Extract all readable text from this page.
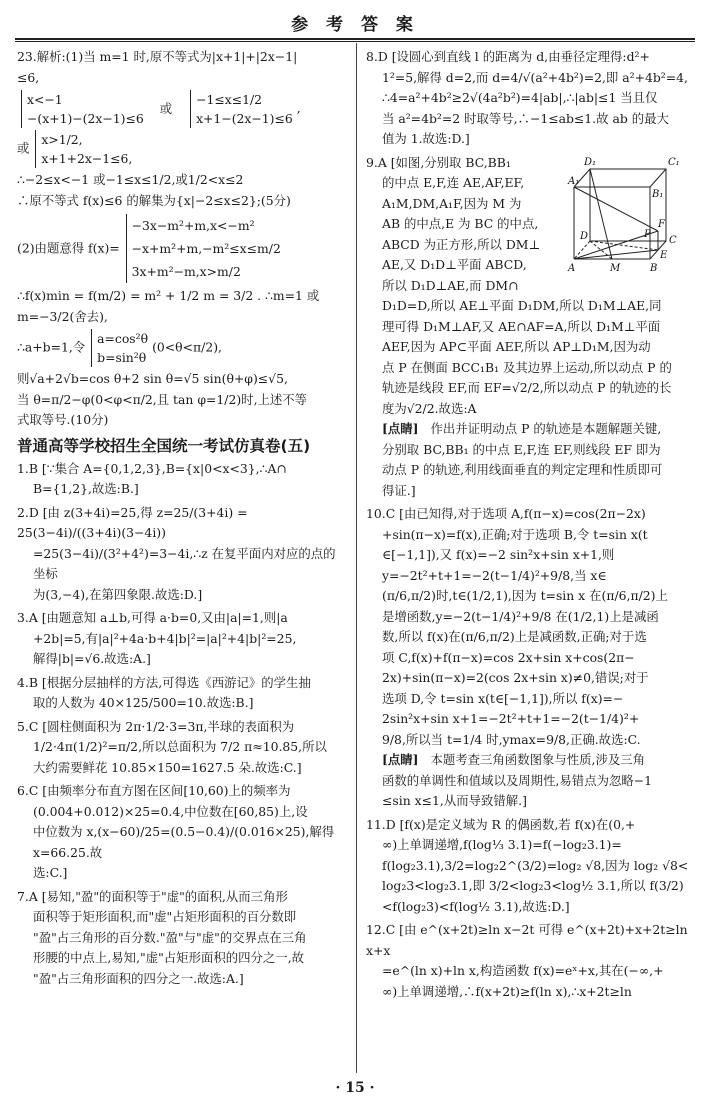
参 考 答 案

23.解析:(1)当 m=1 时,原不等式为|x+1|+|2x−1|

≤6,

x<−1
−(x+1)−(2x−1)≤6 或 −1≤x≤1/2
x+1−(2x−1)≤6 ,
或 x>1/2,
x+1+2x−1≤6,

∴−2≤x<−1 或−1≤x≤1/2,或1/2<x≤2

∴原不等式 f(x)≤6 的解集为{x|−2≤x≤2};(5分)

(2)由题意得 f(x)= −3x−m²+m,x<−m²
−x+m²+m,−m²≤x≤m/2
3x+m²−m,x>m/2

∴f(x)min = f(m/2) = m² + 1/2 m = 3/2 . ∴m=1 或

m=−3/2(舍去),

∴a+b=1,令 a=cos²θ
b=sin²θ (0<θ<π/2),

则√a+2√b=cos θ+2 sin θ=√5 sin(θ+φ)≤√5,

当 θ=π/2−φ(0<φ<π/2,且 tan φ=1/2)时,上述不等

式取等号.(10分)

普通高等学校招生全国统一考试仿真卷(五)

1.B [∵集合 A={0,1,2,3},B={x|0<x<3},∴A∩

B={1,2},故选:B.]

2.D [由 z(3+4i)=25,得 z=25/(3+4i) = 25(3−4i)/((3+4i)(3−4i))

=25(3−4i)/(3²+4²)=3−4i,∴z 在复平面内对应的点的坐标

为(3,−4),在第四象限.故选:D.]

3.A [由题意知 a⊥b,可得 a·b=0,又由|a|=1,则|a

+2b|=5,有|a|²+4a·b+4|b|²=|a|²+4|b|²=25,

解得|b|=√6.故选:A.]

4.B [根据分层抽样的方法,可得选《西游记》的学生抽

取的人数为 40×125/500=10.故选:B.]

5.C [圆柱侧面积为 2π·1/2·3=3π,半球的表面积为

1/2·4π(1/2)²=π/2,所以总面积为 7/2 π≈10.85,所以

大约需要鲜花 10.85×150=1627.5 朵.故选:C.]

6.C [由频率分布直方图在区间[10,60)上的频率为

(0.004+0.012)×25=0.4,中位数在[60,85)上,设

中位数为 x,(x−60)/25=(0.5−0.4)/(0.016×25),解得 x=66.25.故

选:C.]

7.A [易知,"盈"的面积等于"虚"的面积,从而三角形

面积等于矩形面积,而"虚"占矩形面积的百分数即

"盈"占三角形的百分数."盈"与"虚"的交界点在三角

形腰的中点上,易知,"虚"占矩形面积的四分之一,故

"盈"占三角形面积的四分之一.故选:A.]

8.D [设圆心到直线 l 的距离为 d,由垂径定理得:d²+

1²=5,解得 d=2,而 d=4/√(a²+4b²)=2,即 a²+4b²=4,

∴4=a²+4b²≥2√(4a²b²)=4|ab|,∴|ab|≤1 当且仅

当 a²=4b²=2 时取等号,∴−1≤ab≤1.故 ab 的最大

值为 1.故选:D.]

D₁	C₁
A₁
B₁
F
D	C
E
P
A	M	B

9.A [如图,分别取 BC,BB₁

的中点 E,F,连 AE,AF,EF,

A₁M,DM,A₁F,因为 M 为

AB 的中点,E 为 BC 的中点,

ABCD 为正方形,所以 DM⊥

AE,又 D₁D⊥平面 ABCD,

所以 D₁D⊥AE,而 DM∩

D₁D=D,所以 AE⊥平面 D₁DM,所以 D₁M⊥AE,同

理可得 D₁M⊥AF,又 AE∩AF=A,所以 D₁M⊥平面

AEF,因为 AP⊂平面 AEF,所以 AP⊥D₁M,因为动

点 P 在侧面 BCC₁B₁ 及其边界上运动,所以动点 P 的

轨迹是线段 EF,而 EF=√2/2,所以动点 P 的轨迹的长

度为√2/2.故选:A

[点睛] 作出并证明动点 P 的轨迹是本题解题关键,

分别取 BC,BB₁ 的中点 E,F,连 EF,则线段 EF 即为

动点 P 的轨迹,利用线面垂直的判定定理和性质即可

得证.]

10.C [由已知得,对于选项 A,f(π−x)=cos(2π−2x)

+sin(π−x)=f(x),正确;对于选项 B,令 t=sin x(t

∈[−1,1]),又 f(x)=−2 sin²x+sin x+1,则

y=−2t²+t+1=−2(t−1/4)²+9/8,当 x∈

(π/6,π/2)时,t∈(1/2,1),因为 t=sin x 在(π/6,π/2)上

是增函数,y=−2(t−1/4)²+9/8 在(1/2,1)上是减函

数,所以 f(x)在(π/6,π/2)上是减函数,正确;对于选

项 C,f(x)+f(π−x)=cos 2x+sin x+cos(2π−

2x)+sin(π−x)=2(cos 2x+sin x)≠0,错误;对于

选项 D,令 t=sin x(t∈[−1,1]),所以 f(x)=−

2sin²x+sin x+1=−2t²+t+1=−2(t−1/4)²+

9/8,所以当 t=1/4 时,ymax=9/8,正确.故选:C.

[点睛] 本题考查三角函数图象与性质,涉及三角

函数的单调性和值域以及周期性,易错点为忽略−1

≤sin x≤1,从而导致错解.]

11.D [f(x)是定义域为 R 的偶函数,若 f(x)在(0,+

∞)上单调递增,f(log⅓ 3.1)=f(−log₂3.1)=

f(log₂3.1),3/2=log₂2^(3/2)=log₂ √8,因为 log₂ √8<

log₂3<log₂3.1,即 3/2<log₂3<log½ 3.1,所以 f(3/2)

<f(log₂3)<f(log½ 3.1),故选:D.]

12.C [由 e^(x+2t)≥ln x−2t 可得 e^(x+2t)+x+2t≥ln x+x

=e^(ln x)+ln x,构造函数 f(x)=eˣ+x,其在(−∞,+

∞)上单调递增,∴f(x+2t)≥f(ln x),∴x+2t≥ln

· 15 ·
